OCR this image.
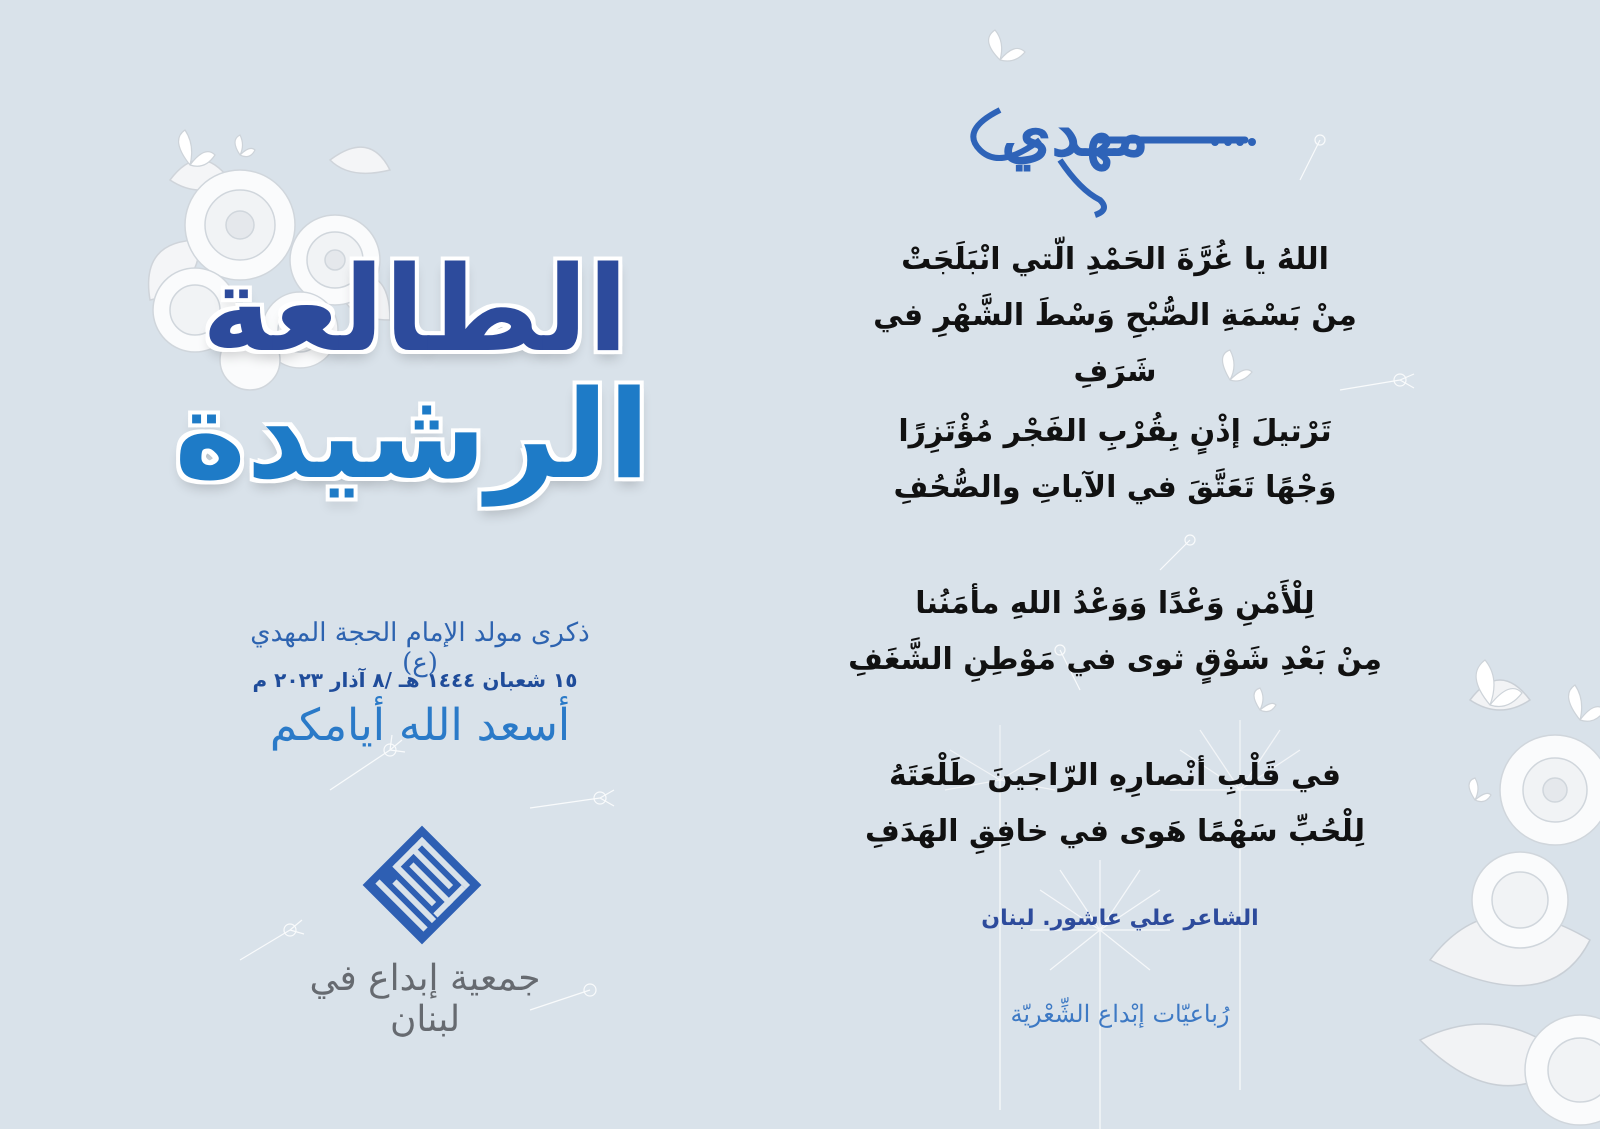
الطالعة
الرشيدة
ذكرى مولد الإمام الحجة المهدي (ع)
١٥ شعبان ١٤٤٤ هـ /٨ آذار ٢٠٢٣ م
أسعد الله أيامكم
جمعية إبداع في لبنان
مهدي
اللهُ يا غُرَّةَ الحَمْدِ الّتي انْبَلَجَتْ
مِنْ بَسْمَةِ الصُّبْحِ وَسْطَ الشَّهْرِ في شَرَفِ
تَرْتيلَ إذْنٍ بِقُرْبِ الفَجْر مُؤْتَزِرًا
وَجْهًا تَعَتَّقَ في الآياتِ والصُّحُفِ
لِلْأَمْنِ وَعْدًا وَوَعْدُ اللهِ مأمَنُنا
مِنْ بَعْدِ شَوْقٍ ثوى في مَوْطِنِ الشَّغَفِ
في قَلْبِ أنْصارِهِ الرّاجينَ طَلْعَتَهُ
لِلْحُبِّ سَهْمًا هَوى في خافِقِ الهَدَفِ
الشاعر علي عاشور. لبنان
رُباعيّات إبْداع الشِّعْريّة
